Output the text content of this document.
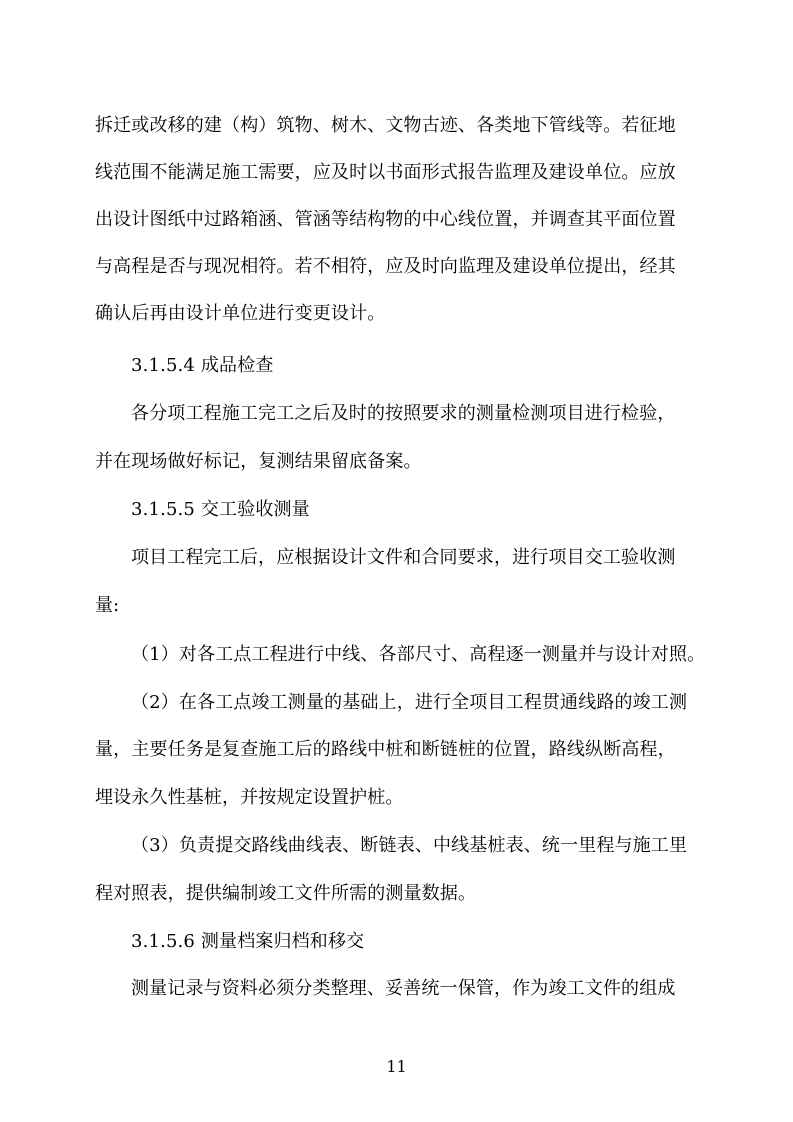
拆迁或改移的建（构）筑物、树木、文物古迹、各类地下管线等。若征地
线范围不能满足施工需要，应及时以书面形式报告监理及建设单位。应放
出设计图纸中过路箱涵、管涵等结构物的中心线位置，并调查其平面位置
与高程是否与现况相符。若不相符，应及时向监理及建设单位提出，经其
确认后再由设计单位进行变更设计。
3.1.5.4 成品检查
各分项工程施工完工之后及时的按照要求的测量检测项目进行检验，
并在现场做好标记，复测结果留底备案。
3.1.5.5 交工验收测量
项目工程完工后，应根据设计文件和合同要求，进行项目交工验收测
量:
（1）对各工点工程进行中线、各部尺寸、高程逐一测量并与设计对照。
（2）在各工点竣工测量的基础上，进行全项目工程贯通线路的竣工测
量，主要任务是复查施工后的路线中桩和断链桩的位置，路线纵断高程，
埋设永久性基桩，并按规定设置护桩。
（3）负责提交路线曲线表、断链表、中线基桩表、统一里程与施工里
程对照表，提供编制竣工文件所需的测量数据。
3.1.5.6 测量档案归档和移交
测量记录与资料必须分类整理、妥善统一保管，作为竣工文件的组成
11
